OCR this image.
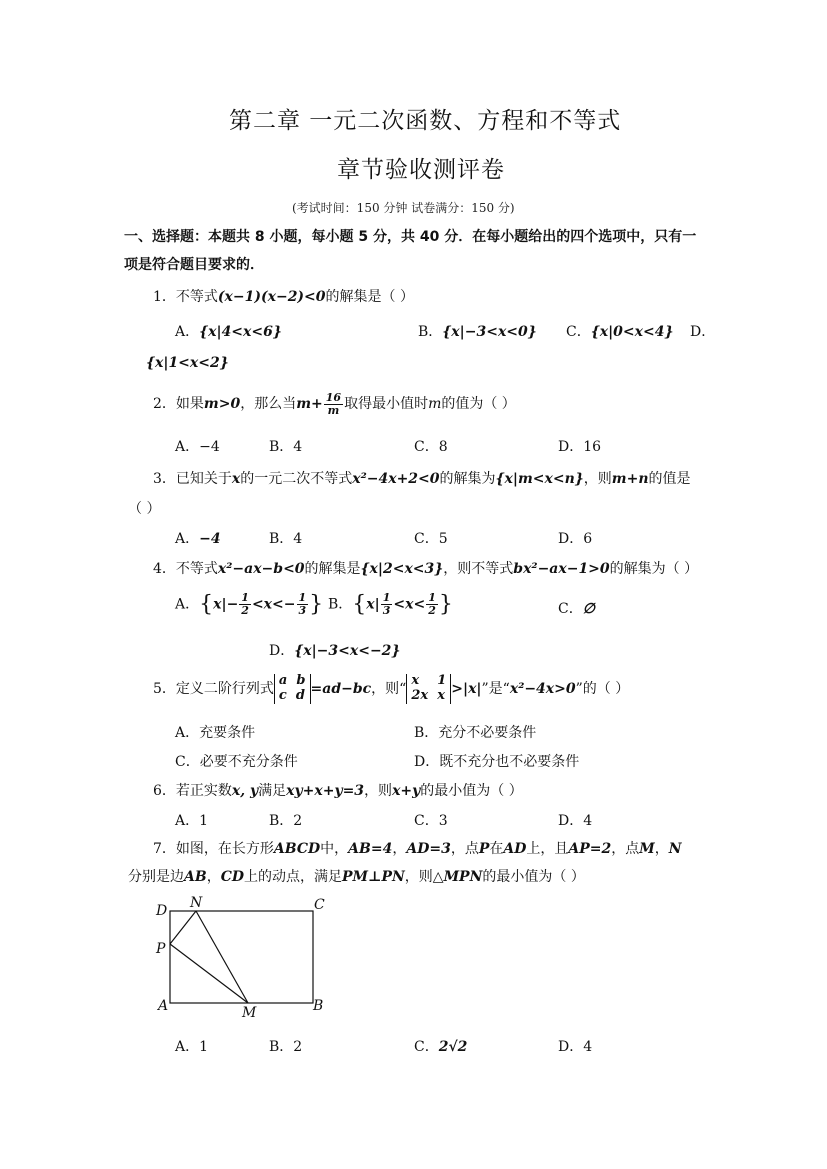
第二章 一元二次函数、方程和不等式
章节验收测评卷
(考试时间：150 分钟 试卷满分：150 分)
一、选择题：本题共 8 小题，每小题 5 分，共 40 分．在每小题给出的四个选项中，只有一
项是符合题目要求的．
1．不等式(x−1)(x−2)<0的解集是（ ）
A．{x|4<x<6}	B．{x|−3<x<0} C．{x|0<x<4} D．
{x|1<x<2}
2．如果m>0，那么当$m+ \frac{16}{m}$ 取得最小值时m的值为（ ）
A．−4	B．4	C．8	D．16
3．已知关于x的一元二次不等式x²−4x+2<0的解集为{x|m<x<n}，则m+n的值是
（ ）
A．−4	B．4	C．5	D．6
4．不等式x²−ax−b<0的解集是{x|2<x<3}，则不等式bx²−ax−1>0的解集为（ ）
A．{$x|- \frac{1}{2} <x<- \frac{1}{3}$ } B．{$x| \frac{1}{3} <x< \frac{1}{2}$ }	C．∅
D．{x|−3<x<−2}
5．定义二阶行列式
a b
c d =ad−bc，则“
x 1
2x x >|x|”是“x²−4x>0”的（ ）
A．充要条件	B．充分不必要条件
C．必要不充分条件	D．既不充分也不必要条件
6．若正实数x, y满足xy+x+y=3，则x+y的最小值为（ ）
A．1	B．2	C．3	D．4
7．如图，在长方形ABCD中，AB=4，AD=3，点P在AD上，且AP=2，点M，N
分别是边AB，CD上的动点，满足PM⊥PN，则△MPN的最小值为（ ）
D N	C
P
A	M	B
A．1	B．2	C．2√2	D．4
